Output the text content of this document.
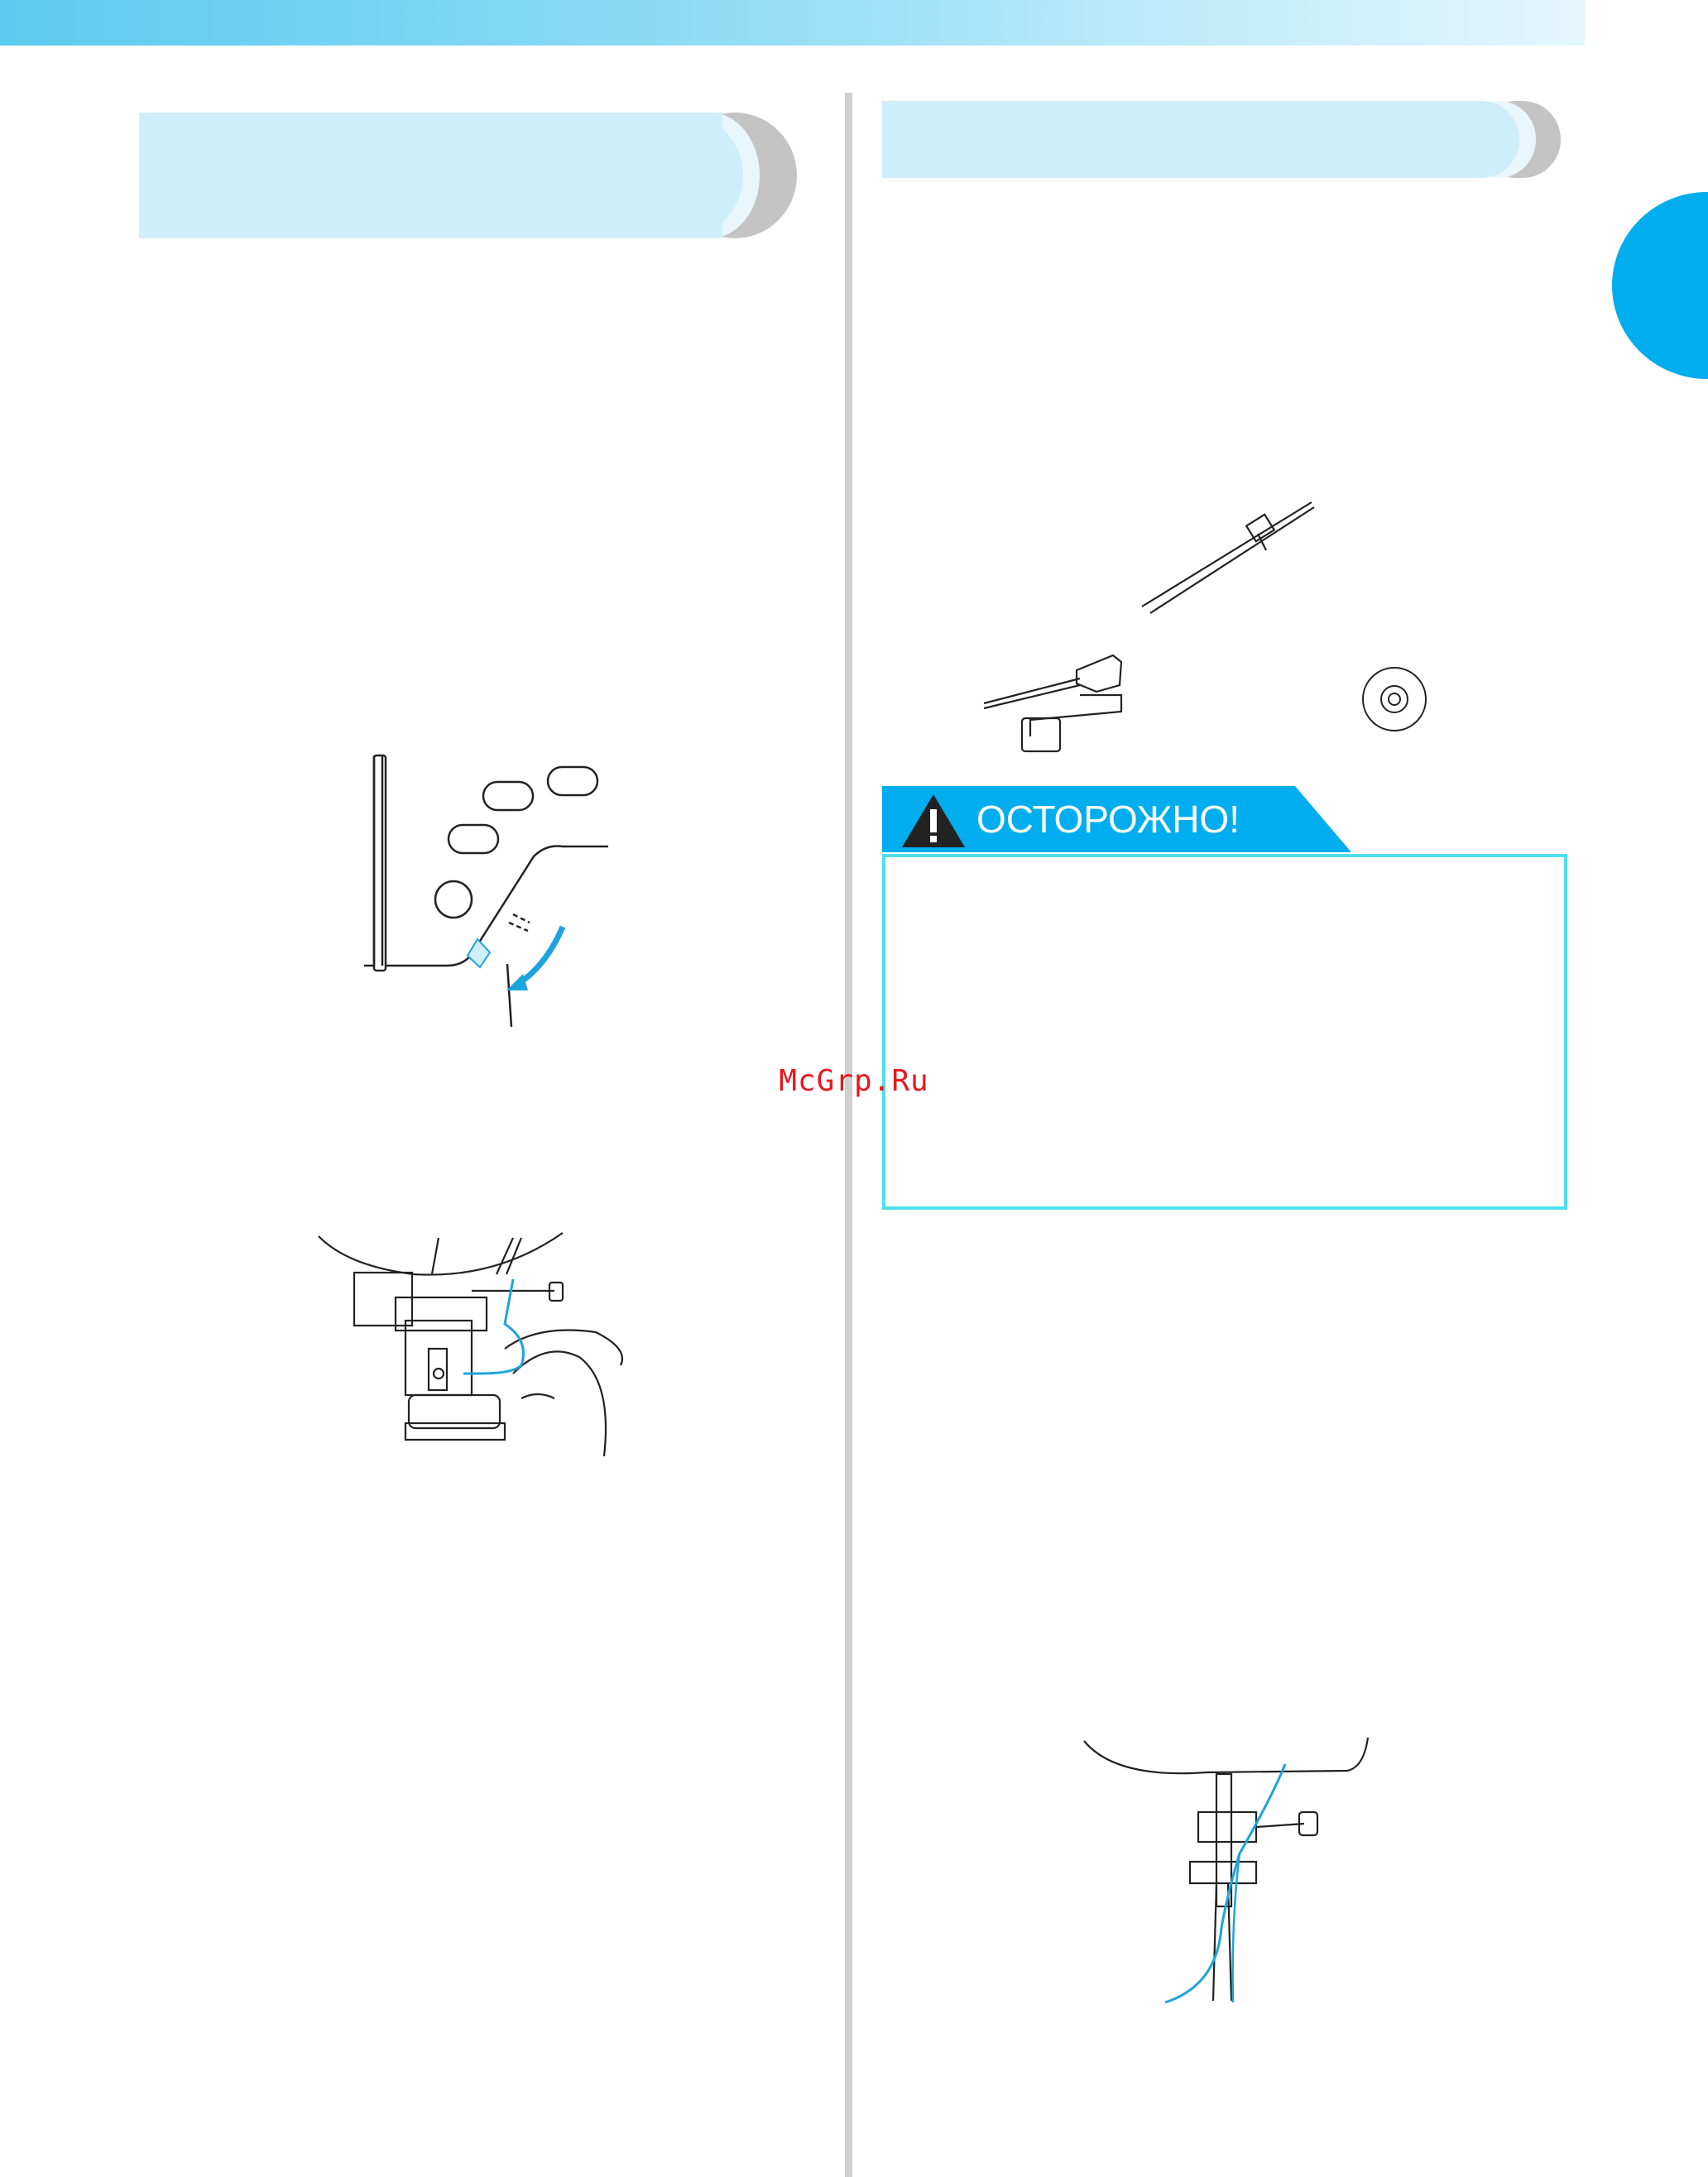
ОСТОРОЖНО!
McGrp.Ru
